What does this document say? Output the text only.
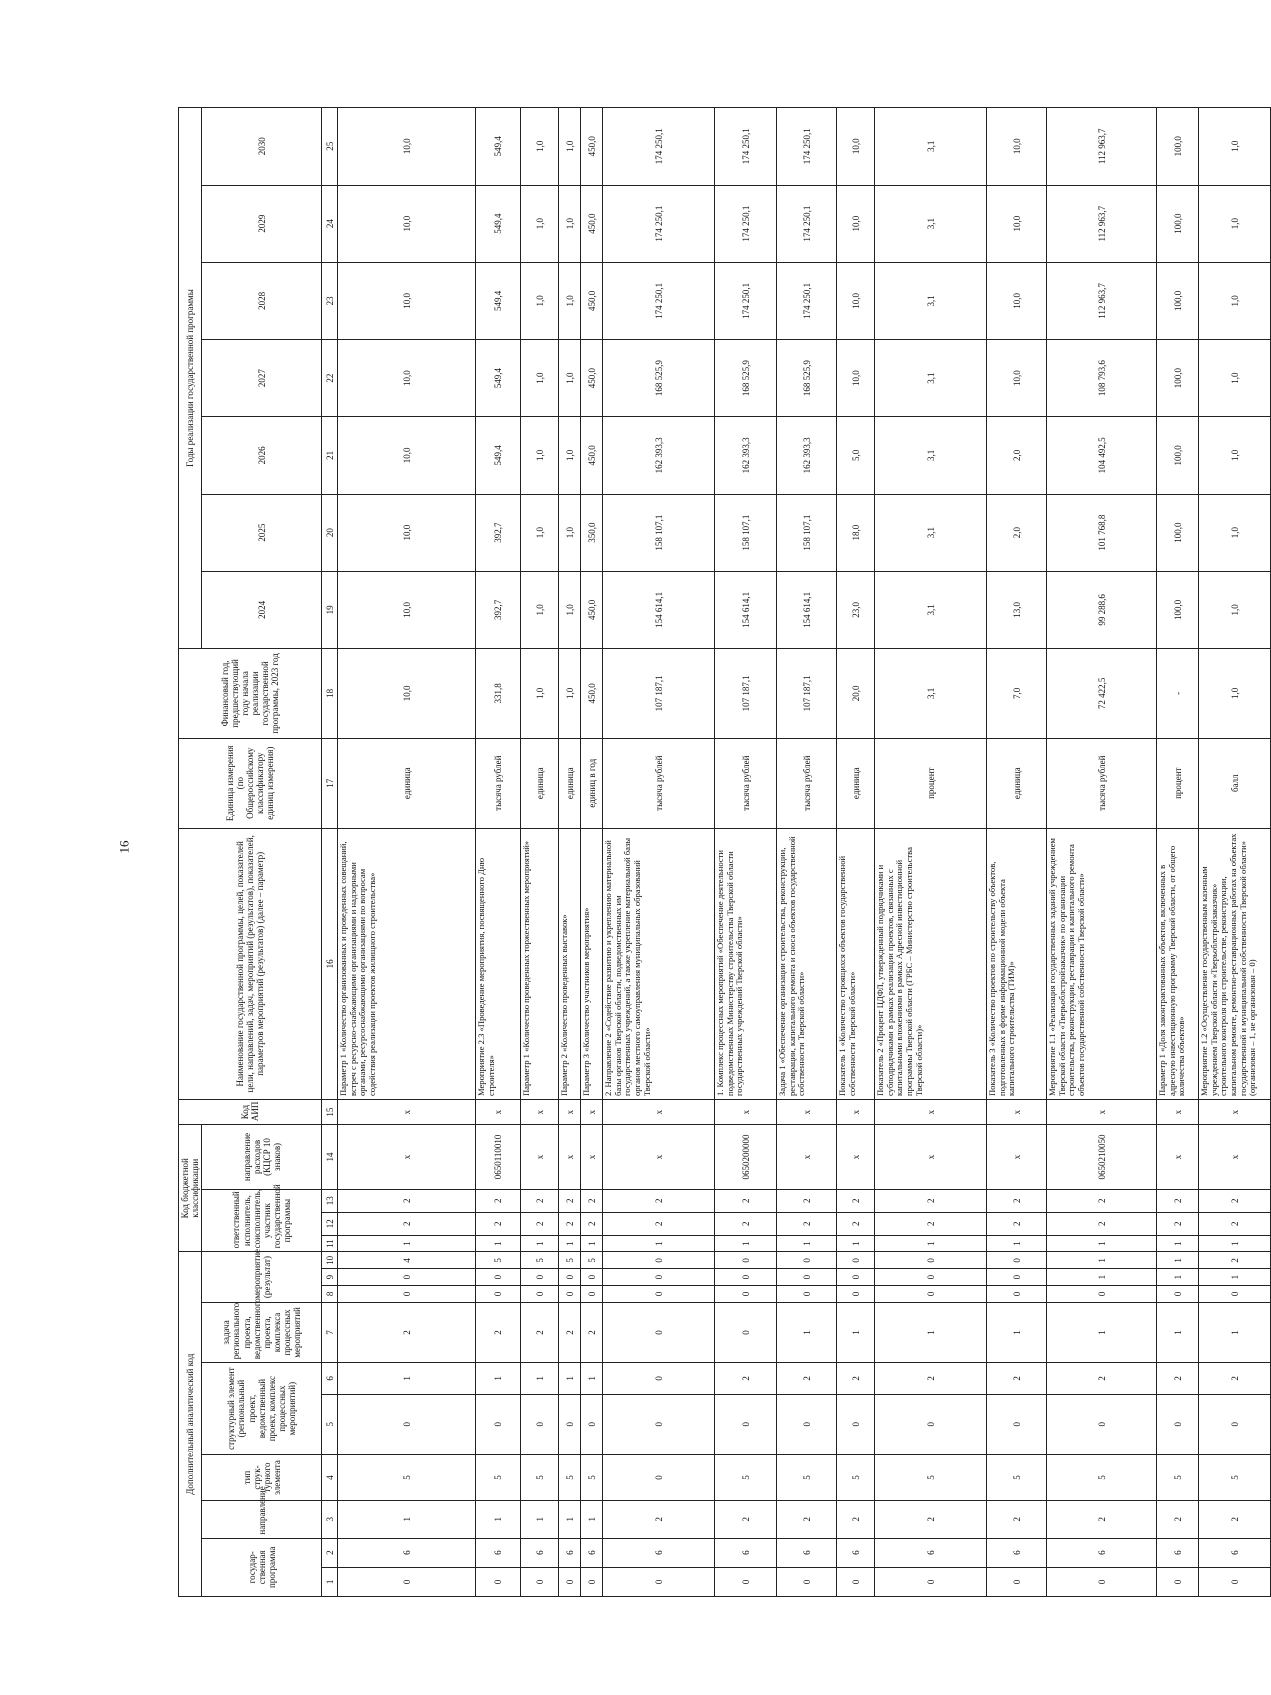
16
Дополнительный аналитический код										Код бюджетной классификации				Код АИП	Наименование государственной программы, целей, показателей цели, направлений, задач, мероприятий (результатов), показателей, параметров мероприятий (результатов) (далее – параметр)	Единица измерения (по Общероссийскому классификатору единиц измерения)	Финансовый год, предшествующий году начала реализации государственной программы, 2023 год	Годы реализации государственной программы						
государ-ственная программа		направление	тип струк-турного элемента	структурный элемент (региональный проект, ведомственный проект, комплекс процессных мероприятий)		задача регионального проекта, ведомственного проекта, комплекса процессных мероприятий	мероприятие (результат)			ответственный исполнитель, соисполнитель, участник государственной программы			направление расходов (КЦСР 10 знаков)					2024	2025	2026	2027	2028	2029	2030

1	2	3	4	5	6	7	8	9	10	11	12	13	14	15	16	17	18	19	20	21	22	23	24	25
0	6	1	5	0	1	2	0	0	4	1	2	2	х	х	Параметр 1 «Количество организованных и проведенных совещаний, встреч с ресурсно-снабжающими организациями и надзорными органами, ресурсоснабжающими организациями по вопросам содействия реализации проектов жилищного строительства»	единица	10,0	10,0	10,0	10,0	10,0	10,0	10,0	10,0
0	6	1	5	0	1	2	0	0	5	1	2	2	0650110010	х	Мероприятие 2.3 «Проведение мероприятия, посвященного Дню строителя»	тысяча рублей	331,8	392,7	392,7	549,4	549,4	549,4	549,4	549,4
0	6	1	5	0	1	2	0	0	5	1	2	2	х	х	Параметр 1 «Количество проведенных торжественных мероприятий»	единица	1,0	1,0	1,0	1,0	1,0	1,0	1,0	1,0
0	6	1	5	0	1	2	0	0	5	1	2	2	х	х	Параметр 2 «Количество проведенных выставок»	единица	1,0	1,0	1,0	1,0	1,0	1,0	1,0	1,0
0	6	1	5	0	1	2	0	0	5	1	2	2	х	х	Параметр 3 «Количество участников мероприятия»	единиц в год	450,0	450,0	350,0	450,0	450,0	450,0	450,0	450,0
0	6	2	0	0	0	0	0	0	0	1	2	2	х	х	2. Направление 2 «Содействие развитию и укреплению материальной базы органов Тверской области, подведомственных им государственных учреждений, а также укрепление материальной базы органов местного самоуправления муниципальных образований Тверской области»	тысяча рублей	107 187,1	154 614,1	158 107,1	162 393,3	168 525,9	174 250,1	174 250,1	174 250,1
0	6	2	5	0	2	0	0	0	0	1	2	2	0650200000	х	1. Комплекс процессных мероприятий «Обеспечение деятельности подведомственных Министерству строительства Тверской области государственных учреждений Тверской области»	тысяча рублей	107 187,1	154 614,1	158 107,1	162 393,3	168 525,9	174 250,1	174 250,1	174 250,1
0	6	2	5	0	2	1	0	0	0	1	2	2	х	х	Задача 1 «Обеспечение организации строительства, реконструкции, реставрации, капитального ремонта и сноса объектов государственной собственности Тверской области»	тысяча рублей	107 187,1	154 614,1	158 107,1	162 393,3	168 525,9	174 250,1	174 250,1	174 250,1
0	6	2	5	0	2	1	0	0	0	1	2	2	х	х	Показатель 1 «Количество строящихся объектов государственной собственности Тверской области»	единица	20,0	23,0	18,0	5,0	10,0	10,0	10,0	10,0
0	6	2	5	0	2	1	0	0	0	1	2	2	х	х	Показатель 2 «Процент ЦДФЛ, утвержденный подрядчиками и субподрядчиками в рамках реализации проектов, связанных с капитальными вложениями в рамках Адресной инвестиционной программы Тверской области (ГРБС – Министерство строительства Тверской области)»	процент	3,1	3,1	3,1	3,1	3,1	3,1	3,1	3,1
0	6	2	5	0	2	1	0	0	0	1	2	2	х	х	Показатель 3 «Количество проектов по строительству объектов, подготовленных в форме информационной модели объекта капитального строительства (ТИМ)»	единица	7,0	13,0	2,0	2,0	10,0	10,0	10,0	10,0
0	6	2	5	0	2	1	0	1	1	1	2	2	0650210050	х	Мероприятие 1.1 «Реализация государственных заданий учреждением Тверской области «Тверьоблстройзаказчик» по организации строительства, реконструкции, реставрации и капитального ремонта объектов государственной собственности Тверской области»	тысяча рублей	72 422,5	99 288,6	101 768,8	104 492,5	108 793,6	112 963,7	112 963,7	112 963,7
0	6	2	5	0	2	1	0	1	1	1	2	2	х	х	Параметр 1 «Доля законтрактованных объектов, включенных в адресную инвестиционную программу Тверской области, от общего количества объектов»	процент	-	100,0	100,0	100,0	100,0	100,0	100,0	100,0
0	6	2	5	0	2	1	0	1	2	1	2	2	х	х	Мероприятие 1.2 «Осуществление государственным казенным учреждением Тверской области «Тверьоблстройзаказчик» строительного контроля при строительстве, реконструкции, капитальном ремонте, ремонтно-реставрационных работах на объектах государственной и муниципальной собственности Тверской области» (организован – 1, не организован – 0)	балл	1,0	1,0	1,0	1,0	1,0	1,0	1,0	1,0
